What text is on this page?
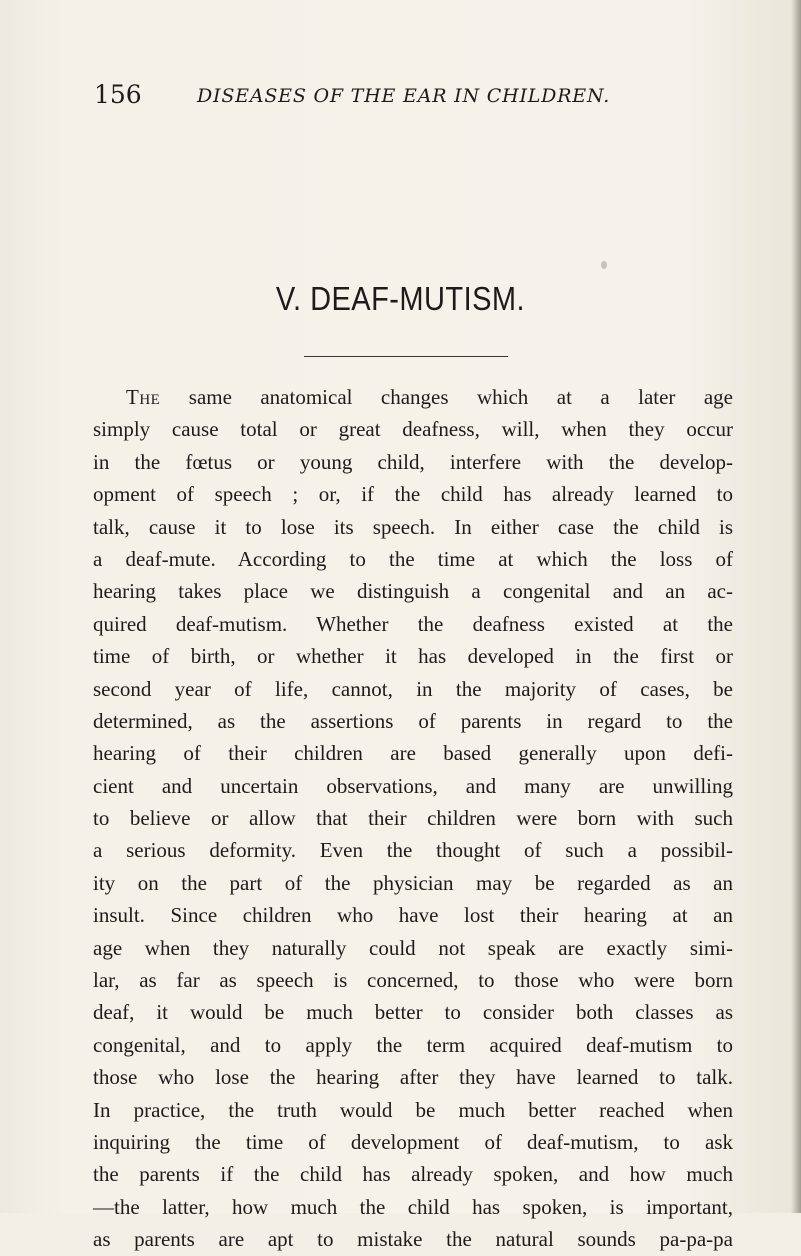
156	DISEASES OF THE EAR IN CHILDREN.
V. DEAF-MUTISM.
The same anatomical changes which at a later age
simply cause total or great deafness, will, when they occur
in the fœtus or young child, interfere with the develop-
opment of speech ; or, if the child has already learned to
talk, cause it to lose its speech. In either case the child is
a deaf-mute. According to the time at which the loss of
hearing takes place we distinguish a congenital and an ac-
quired deaf-mutism. Whether the deafness existed at the
time of birth, or whether it has developed in the first or
second year of life, cannot, in the majority of cases, be
determined, as the assertions of parents in regard to the
hearing of their children are based generally upon defi-
cient and uncertain observations, and many are unwilling
to believe or allow that their children were born with such
a serious deformity. Even the thought of such a possibil-
ity on the part of the physician may be regarded as an
insult. Since children who have lost their hearing at an
age when they naturally could not speak are exactly simi-
lar, as far as speech is concerned, to those who were born
deaf, it would be much better to consider both classes as
congenital, and to apply the term acquired deaf-mutism to
those who lose the hearing after they have learned to talk.
In practice, the truth would be much better reached when
inquiring the time of development of deaf-mutism, to ask
the parents if the child has already spoken, and how much
—the latter, how much the child has spoken, is important,
as parents are apt to mistake the natural sounds pa-pa-pa
